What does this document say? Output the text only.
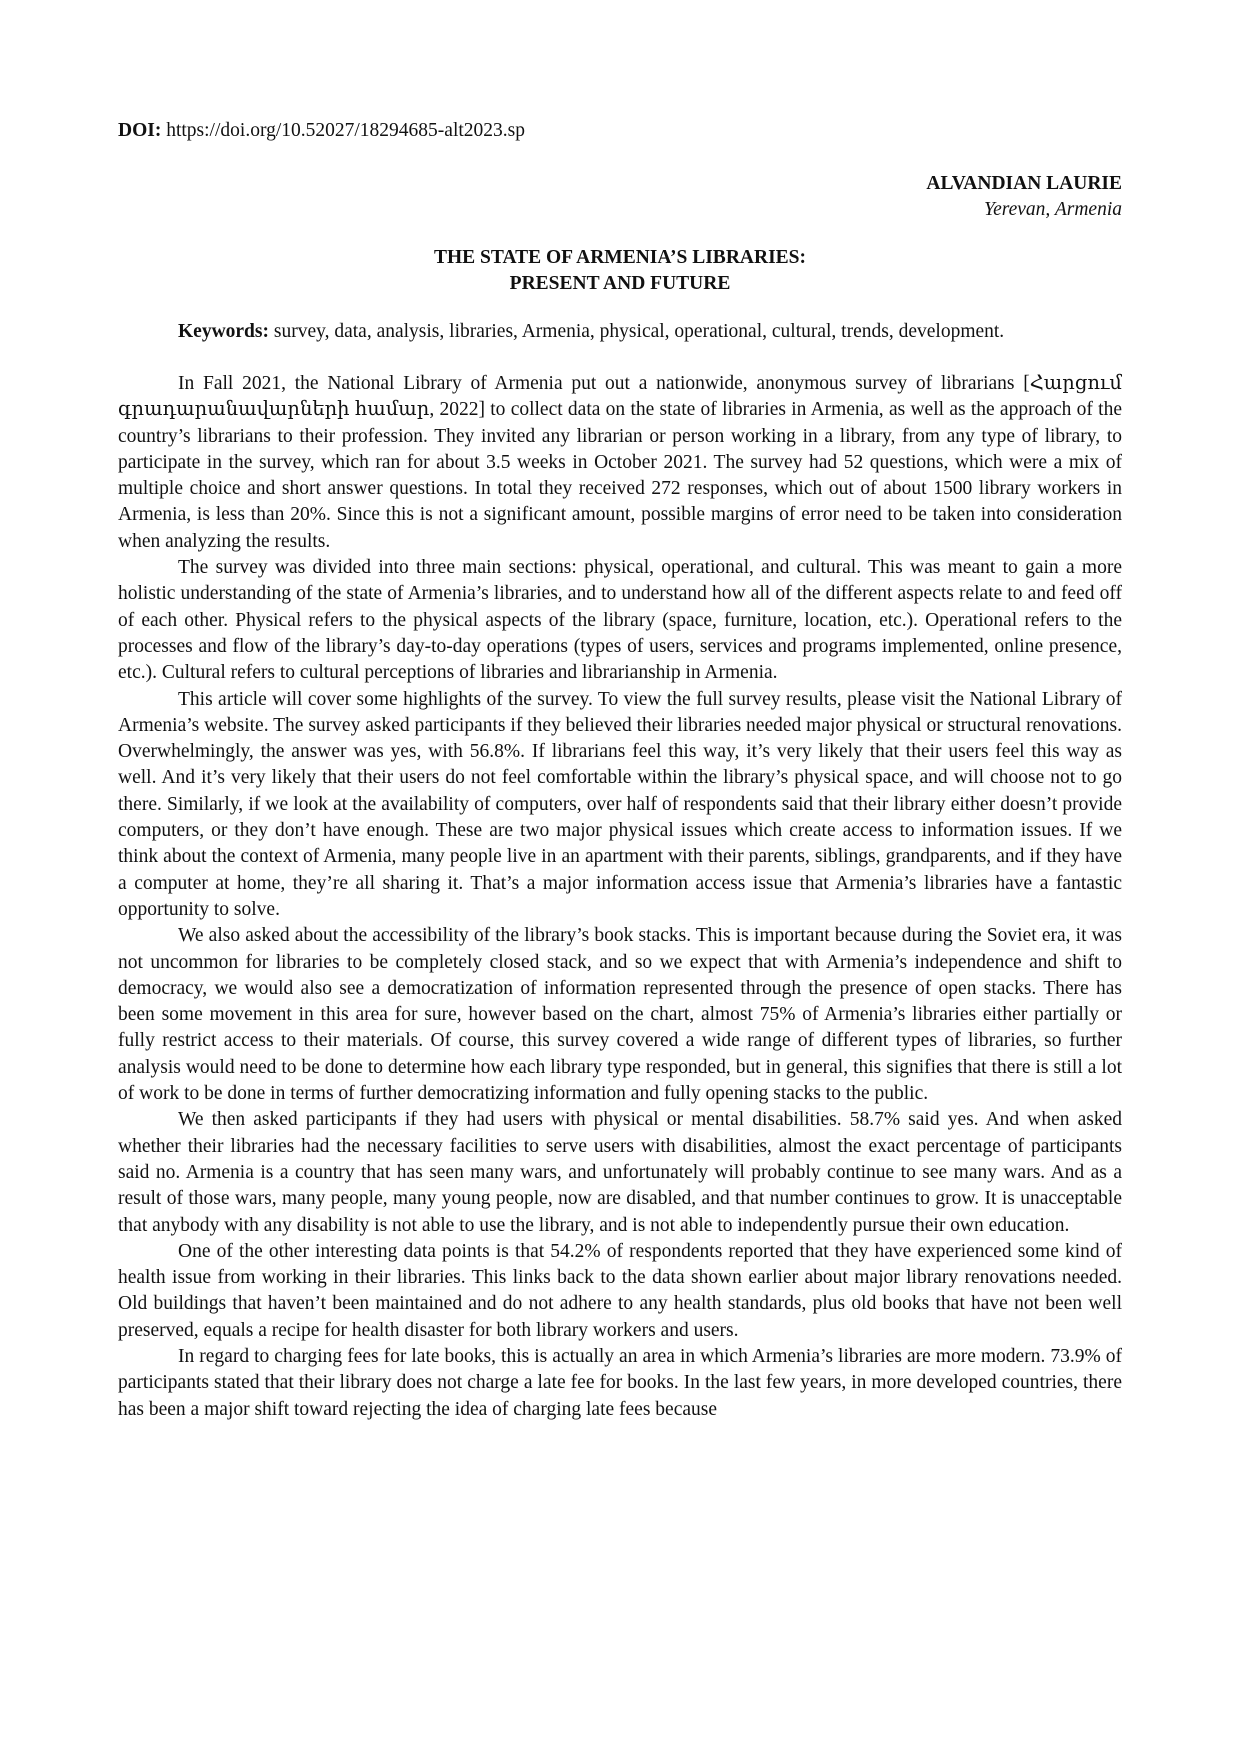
DOI: https://doi.org/10.52027/18294685-alt2023.sp

ALVANDIAN LAURIE
Yerevan, Armenia
THE STATE OF ARMENIA’S LIBRARIES:
PRESENT AND FUTURE

Keywords: survey, data, analysis, libraries, Armenia, physical, operational, cultural, trends, development.

In Fall 2021, the National Library of Armenia put out a nationwide, anonymous survey of librarians [Հարցում գրադարանավարների համար, 2022] to collect data on the state of libraries in Armenia, as well as the approach of the country’s librarians to their profession. They invited any librarian or person working in a library, from any type of library, to participate in the survey, which ran for about 3.5 weeks in October 2021. The survey had 52 questions, which were a mix of multiple choice and short answer questions. In total they received 272 responses, which out of about 1500 library workers in Armenia, is less than 20%. Since this is not a significant amount, possible margins of error need to be taken into consideration when analyzing the results.

The survey was divided into three main sections: physical, operational, and cultural. This was meant to gain a more holistic understanding of the state of Armenia’s libraries, and to understand how all of the different aspects relate to and feed off of each other. Physical refers to the physical aspects of the library (space, furniture, location, etc.). Operational refers to the processes and flow of the library’s day-to-day operations (types of users, services and programs implemented, online presence, etc.). Cultural refers to cultural perceptions of libraries and librarianship in Armenia.

This article will cover some highlights of the survey. To view the full survey results, please visit the National Library of Armenia’s website. The survey asked participants if they believed their libraries needed major physical or structural renovations. Overwhelmingly, the answer was yes, with 56.8%. If librarians feel this way, it’s very likely that their users feel this way as well. And it’s very likely that their users do not feel comfortable within the library’s physical space, and will choose not to go there. Similarly, if we look at the availability of computers, over half of respondents said that their library either doesn’t provide computers, or they don’t have enough. These are two major physical issues which create access to information issues. If we think about the context of Armenia, many people live in an apartment with their parents, siblings, grandparents, and if they have a computer at home, they’re all sharing it. That’s a major information access issue that Armenia’s libraries have a fantastic opportunity to solve.

We also asked about the accessibility of the library’s book stacks. This is important because during the Soviet era, it was not uncommon for libraries to be completely closed stack, and so we expect that with Armenia’s independence and shift to democracy, we would also see a democratization of information represented through the presence of open stacks. There has been some movement in this area for sure, however based on the chart, almost 75% of Armenia’s libraries either partially or fully restrict access to their materials. Of course, this survey covered a wide range of different types of libraries, so further analysis would need to be done to determine how each library type responded, but in general, this signifies that there is still a lot of work to be done in terms of further democratizing information and fully opening stacks to the public.

We then asked participants if they had users with physical or mental disabilities. 58.7% said yes. And when asked whether their libraries had the necessary facilities to serve users with disabilities, almost the exact percentage of participants said no. Armenia is a country that has seen many wars, and unfortunately will probably continue to see many wars. And as a result of those wars, many people, many young people, now are disabled, and that number continues to grow. It is unacceptable that anybody with any disability is not able to use the library, and is not able to independently pursue their own education.

One of the other interesting data points is that 54.2% of respondents reported that they have experienced some kind of health issue from working in their libraries. This links back to the data shown earlier about major library renovations needed. Old buildings that haven’t been maintained and do not adhere to any health standards, plus old books that have not been well preserved, equals a recipe for health disaster for both library workers and users.

In regard to charging fees for late books, this is actually an area in which Armenia’s libraries are more modern. 73.9% of participants stated that their library does not charge a late fee for books. In the last few years, in more developed countries, there has been a major shift toward rejecting the idea of charging late fees because
